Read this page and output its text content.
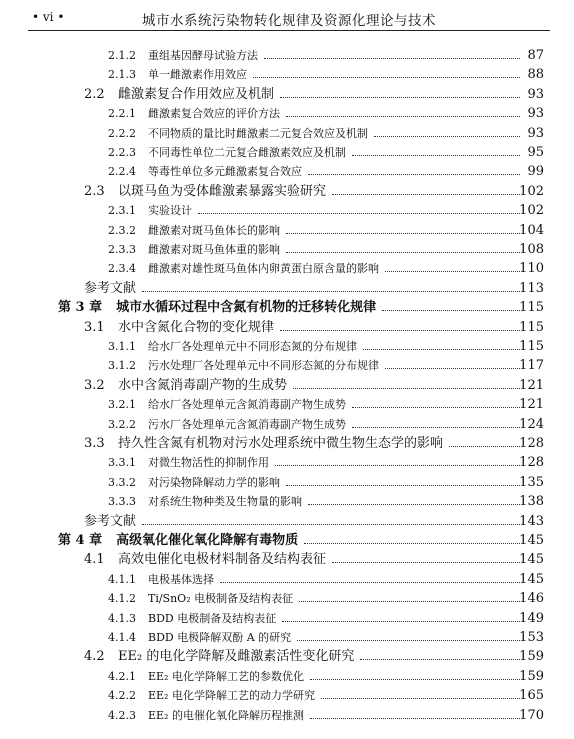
• vi •	城市水系统污染物转化规律及资源化理论与技术
2.1.2	重组基因酵母试验方法	87
2.1.3	单一雌激素作用效应	88
2.2 雌激素复合作用效应及机制	93
2.2.1	雌激素复合效应的评价方法	93
2.2.2	不同物质的量比时雌激素二元复合效应及机制	93
2.2.3	不同毒性单位二元复合雌激素效应及机制	95
2.2.4	等毒性单位多元雌激素复合效应	99
2.3 以斑马鱼为受体雌激素暴露实验研究	102
2.3.1	实验设计	102
2.3.2	雌激素对斑马鱼体长的影响	104
2.3.3	雌激素对斑马鱼体重的影响	108
2.3.4	雌激素对雄性斑马鱼体内卵黄蛋白原含量的影响	110
参考文献	113
第 3 章 城市水循环过程中含氮有机物的迁移转化规律	115
3.1 水中含氮化合物的变化规律	115
3.1.1	给水厂各处理单元中不同形态氮的分布规律	115
3.1.2	污水处理厂各处理单元中不同形态氮的分布规律	117
3.2 水中含氮消毒副产物的生成势	121
3.2.1	给水厂各处理单元含氮消毒副产物生成势	121
3.2.2	污水厂各处理单元含氮消毒副产物生成势	124
3.3 持久性含氮有机物对污水处理系统中微生物生态学的影响	128
3.3.1	对微生物活性的抑制作用	128
3.3.2	对污染物降解动力学的影响	135
3.3.3	对系统生物种类及生物量的影响	138
参考文献	143
第 4 章 高级氧化催化氧化降解有毒物质	145
4.1 高效电催化电极材料制备及结构表征	145
4.1.1	电极基体选择	145
4.1.2	Ti/SnO₂ 电极制备及结构表征	146
4.1.3	BDD 电极制备及结构表征	149
4.1.4	BDD 电极降解双酚 A 的研究	153
4.2 EE₂ 的电化学降解及雌激素活性变化研究	159
4.2.1	EE₂ 电化学降解工艺的参数优化	159
4.2.2	EE₂ 电化学降解工艺的动力学研究	165
4.2.3	EE₂ 的电催化氧化降解历程推测	170
